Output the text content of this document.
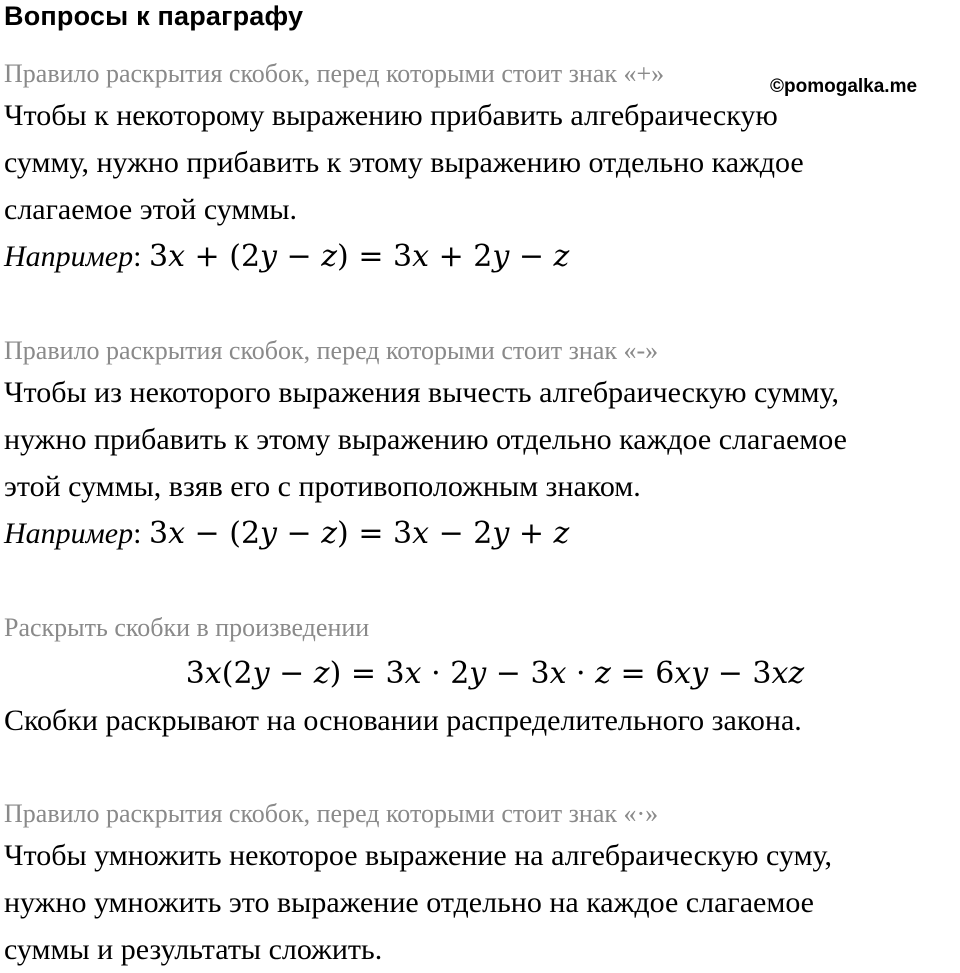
Вопросы к параграфу
©pomogalka.me
Правило раскрытия скобок, перед которыми стоит знак «+»
Чтобы к некоторому выражению прибавить алгебраическую
сумму, нужно прибавить к этому выражению отдельно каждое
слагаемое этой суммы.
Например: 3x + (2y − z) = 3x + 2y − z
Правило раскрытия скобок, перед которыми стоит знак «-»
Чтобы из некоторого выражения вычесть алгебраическую сумму,
нужно прибавить к этому выражению отдельно каждое слагаемое
этой суммы, взяв его с противоположным знаком.
Например: 3x − (2y − z) = 3x − 2y + z
Раскрыть скобки в произведении
3x(2y − z) = 3x · 2y − 3x · z = 6xy − 3xz
Скобки раскрывают на основании распределительного закона.
Правило раскрытия скобок, перед которыми стоит знак «·»
Чтобы умножить некоторое выражение на алгебраическую суму,
нужно умножить это выражение отдельно на каждое слагаемое
суммы и результаты сложить.
